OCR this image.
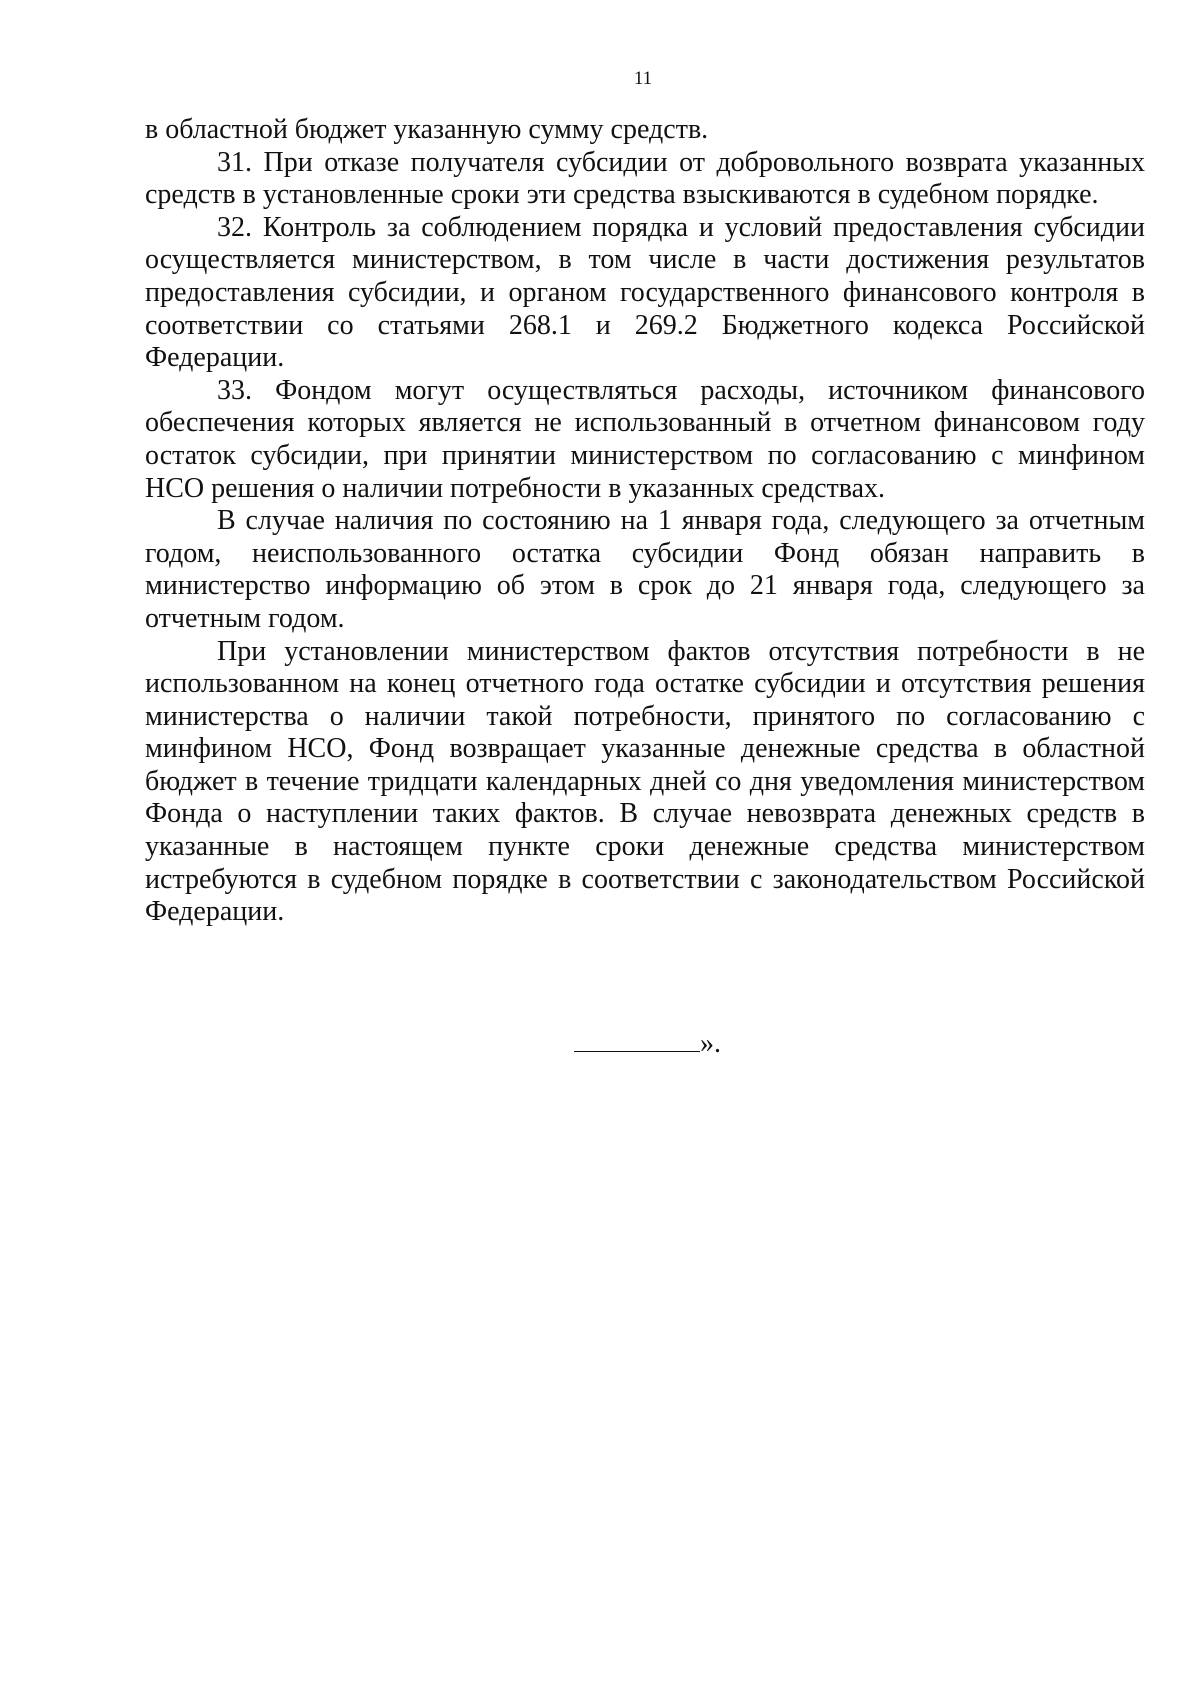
11

в областной бюджет указанную сумму средств.

31. При отказе получателя субсидии от добровольного возврата указанных средств в установленные сроки эти средства взыскиваются в судебном порядке.

32. Контроль за соблюдением порядка и условий предоставления субсидии осуществляется министерством, в том числе в части достижения результатов предоставления субсидии, и органом государственного финансового контроля в соответствии со статьями 268.1 и 269.2 Бюджетного кодекса Российской Федерации.

33. Фондом могут осуществляться расходы, источником финансового обеспечения которых является не использованный в отчетном финансовом году остаток субсидии, при принятии министерством по согласованию с минфином НСО решения о наличии потребности в указанных средствах.

В случае наличия по состоянию на 1 января года, следующего за отчетным годом, неиспользованного остатка субсидии Фонд обязан направить в министерство информацию об этом в срок до 21 января года, следующего за отчетным годом.

При установлении министерством фактов отсутствия потребности в не использованном на конец отчетного года остатке субсидии и отсутствия решения министерства о наличии такой потребности, принятого по согласованию с минфином НСО, Фонд возвращает указанные денежные средства в областной бюджет в течение тридцати календарных дней со дня уведомления министерством Фонда о наступлении таких фактов. В случае невозврата денежных средств в указанные в настоящем пункте сроки денежные средства министерством истребуются в судебном порядке в соответствии с законодательством Российской Федерации.

».
